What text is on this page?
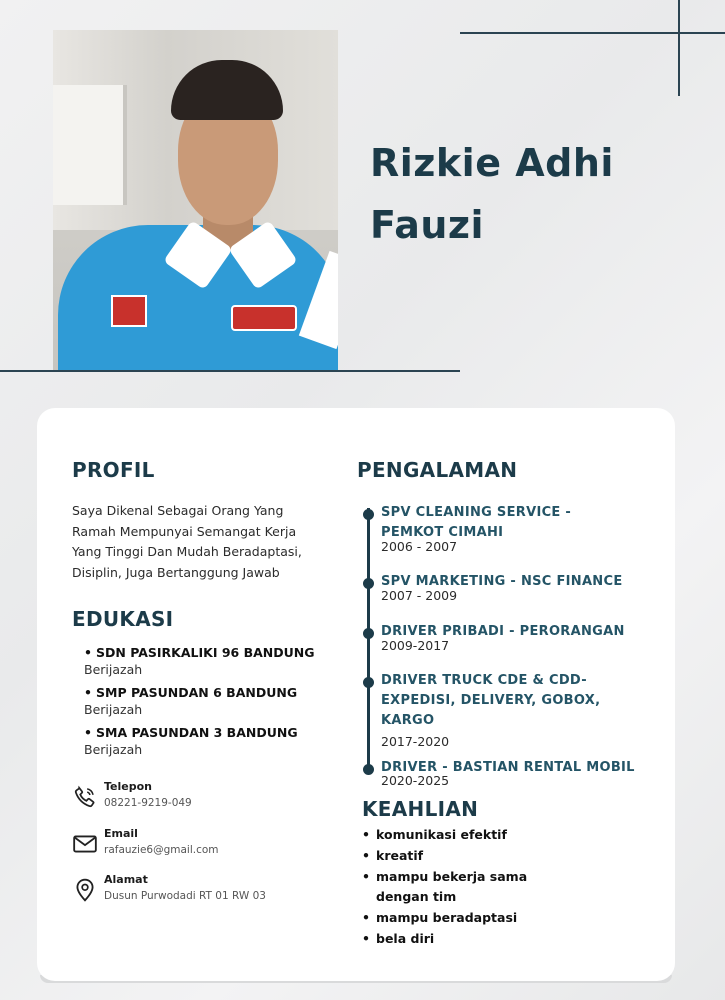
Rizkie Adhi
Fauzi
PROFIL

Saya Dikenal Sebagai Orang Yang Ramah Mempunyai Semangat Kerja Yang Tinggi Dan Mudah Beradaptasi, Disiplin, Juga Bertanggung Jawab

EDUKASI
• SDN PASIRKALIKI 96 BANDUNG
Berijazah
• SMP PASUNDAN 6 BANDUNG
Berijazah
• SMA PASUNDAN 3 BANDUNG
Berijazah
Telepon
08221-9219-049
Email
rafauzie6@gmail.com
Alamat
Dusun Purwodadi RT 01 RW 03
PENGALAMAN
SPV CLEANING SERVICE - PEMKOT CIMAHI
2006 - 2007
SPV MARKETING - NSC FINANCE
2007 - 2009
DRIVER PRIBADI - PERORANGAN
2009-2017
DRIVER TRUCK CDE & CDD-EXPEDISI, DELIVERY, GOBOX, KARGO
2017-2020
DRIVER - BASTIAN RENTAL MOBIL
2020-2025
KEAHLIAN
• komunikasi efektif
• kreatif
• mampu bekerja sama dengan tim
• mampu beradaptasi
• bela diri
